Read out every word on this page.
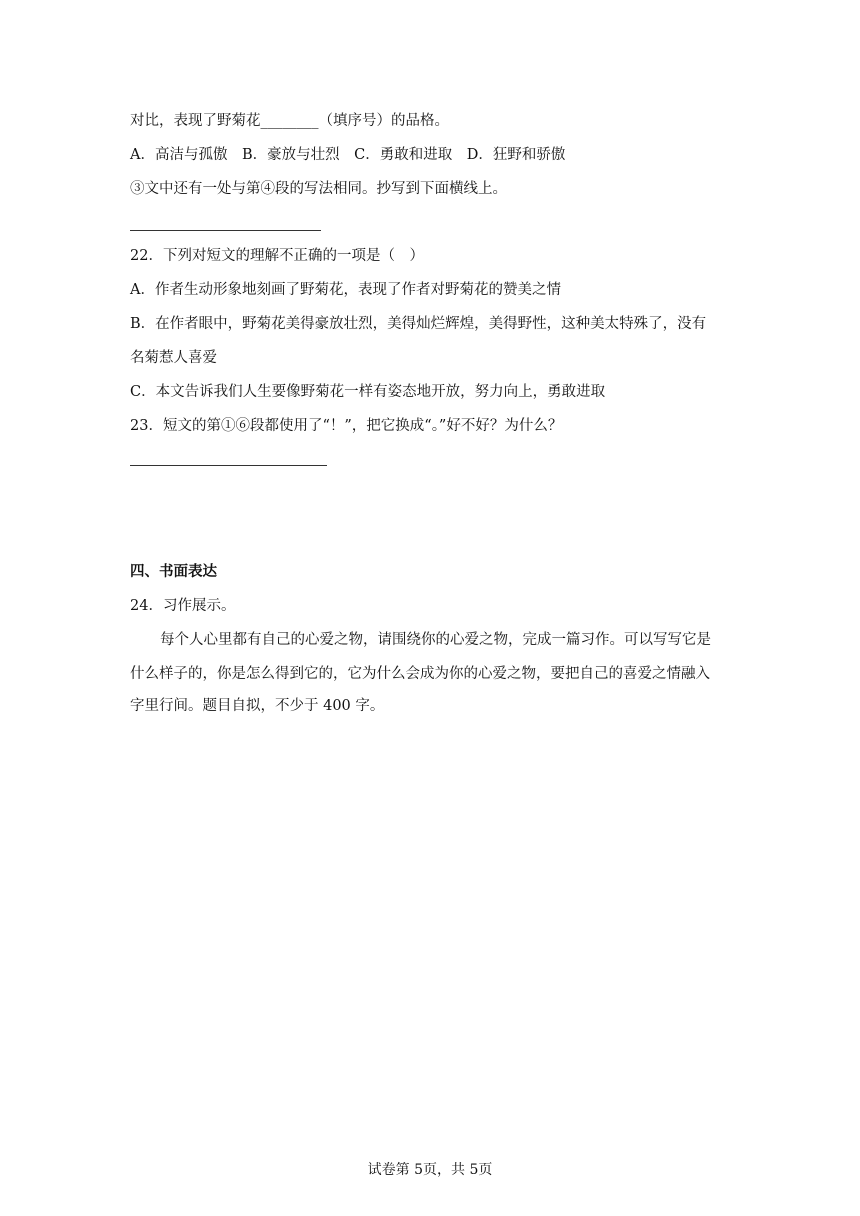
对比，表现了野菊花________（填序号）的品格。
A．高洁与孤傲　B．豪放与壮烈　C．勇敢和进取　D．狂野和骄傲
③文中还有一处与第④段的写法相同。抄写到下面横线上。
22．下列对短文的理解不正确的一项是（　）
A．作者生动形象地刻画了野菊花，表现了作者对野菊花的赞美之情
B．在作者眼中，野菊花美得豪放壮烈，美得灿烂辉煌，美得野性，这种美太特殊了，没有
名菊惹人喜爱
C．本文告诉我们人生要像野菊花一样有姿态地开放，努力向上，勇敢进取
23．短文的第①⑥段都使用了“！”，把它换成“。”好不好？为什么？
四、书面表达
24．习作展示。
每个人心里都有自己的心爱之物，请围绕你的心爱之物，完成一篇习作。可以写写它是
什么样子的，你是怎么得到它的，它为什么会成为你的心爱之物，要把自己的喜爱之情融入
字里行间。题目自拟，不少于 400 字。
试卷第 5页，共 5页
